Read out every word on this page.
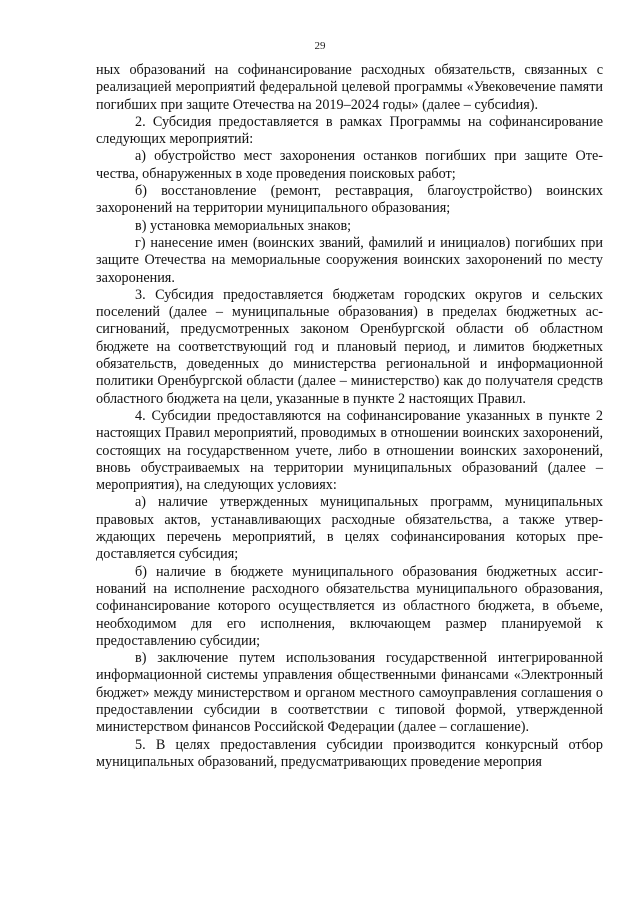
29

ных образований на софинансирование расходных обязательств, связанных с реализацией мероприятий федеральной целевой программы «Увековечение памяти погибших при защите Отечества на 2019–2024 годы» (далее – субсиdия).

2. Субсидия предоставляется в рамках Программы на софинансирование следующих мероприятий:

а) обустройство мест захоронения останков погибших при защите Отечества, обнаруженных в ходе проведения поисковых работ;

б) восстановление (ремонт, реставрация, благоустройство) воинских захоронений на территории муниципального образования;

в) установка мемориальных знаков;

г) нанесение имен (воинских званий, фамилий и инициалов) погибших при защите Отечества на мемориальные сооружения воинских захоронений по месту захоронения.

3. Субсидия предоставляется бюджетам городских округов и сельских поселений (далее – муниципальные образования) в пределах бюджетных ассигнований, предусмотренных законом Оренбургской области об областном бюджете на соответствующий год и плановый период, и лимитов бюджетных обязательств, доведенных до министерства региональной и информационной политики Оренбургской области (далее – министерство) как до получателя средств областного бюджета на цели, указанные в пункте 2 настоящих Правил.

4. Субсидии предоставляются на софинансирование указанных в пункте 2 настоящих Правил мероприятий, проводимых в отношении воинских захоронений, состоящих на государственном учете, либо в отношении воинских захоронений, вновь обустраиваемых на территории муниципальных образований (далее – мероприятия), на следующих условиях:

а) наличие утвержденных муниципальных программ, муниципальных правовых актов, устанавливающих расходные обязательства, а также утверждающих перечень мероприятий, в целях софинансирования которых предоставляется субсидия;

б) наличие в бюджете муниципального образования бюджетных ассигнований на исполнение расходного обязательства муниципального образования, софинансирование которого осуществляется из областного бюджета, в объеме, необходимом для его исполнения, включающем размер планируемой к предоставлению субсидии;

в) заключение путем использования государственной интегрированной информационной системы управления общественными финансами «Электронный бюджет» между министерством и органом местного самоуправления соглашения о предоставлении субсидии в соответствии с типовой формой, утвержденной министерством финансов Российской Федерации (далее – соглашение).

5. В целях предоставления субсидии производится конкурсный отбор муниципальных образований, предусматривающих проведение мероприя
